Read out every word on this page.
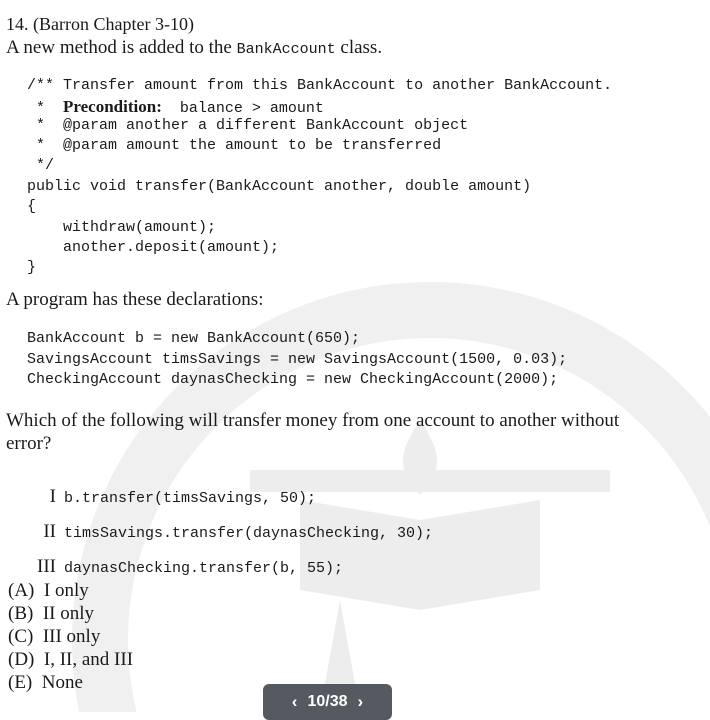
14. (Barron Chapter 3-10)
A new method is added to the BankAccount class.
/** Transfer amount from this BankAccount to another BankAccount.
*  Precondition:  balance > amount
*  @param another a different BankAccount object
*  @param amount the amount to be transferred
*/
public void transfer(BankAccount another, double amount)
{
withdraw(amount);
another.deposit(amount);
}
A program has these declarations:
BankAccount b = new BankAccount(650);
SavingsAccount timsSavings = new SavingsAccount(1500, 0.03);
CheckingAccount daynasChecking = new CheckingAccount(2000);
Which of the following will transfer money from one account to another without
error?

I b.transfer(timsSavings, 50);

II timsSavings.transfer(daynasChecking, 30);

III daynasChecking.transfer(b, 55);

(A)  I only
(B)  II only
(C)  III only
(D)  I, II, and III
(E)  None
‹ 10/38 ›
